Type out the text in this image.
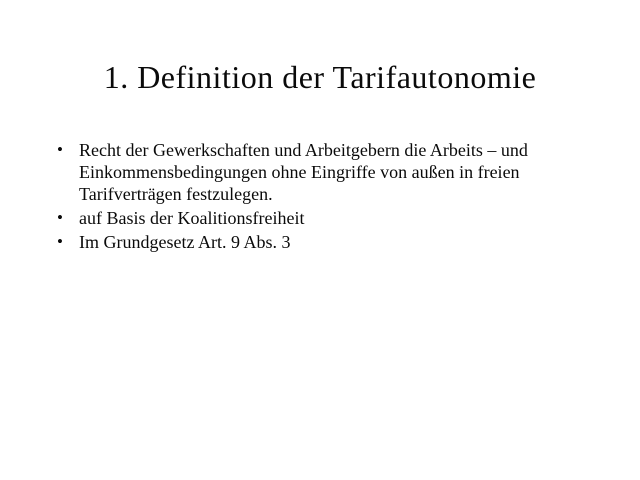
1. Definition der Tarifautonomie
• Recht der Gewerkschaften und Arbeitgebern die Arbeits – und Einkommensbedingungen ohne Eingriffe von außen in freien Tarifverträgen festzulegen.
• auf Basis der Koalitionsfreiheit
• Im Grundgesetz Art. 9 Abs. 3
